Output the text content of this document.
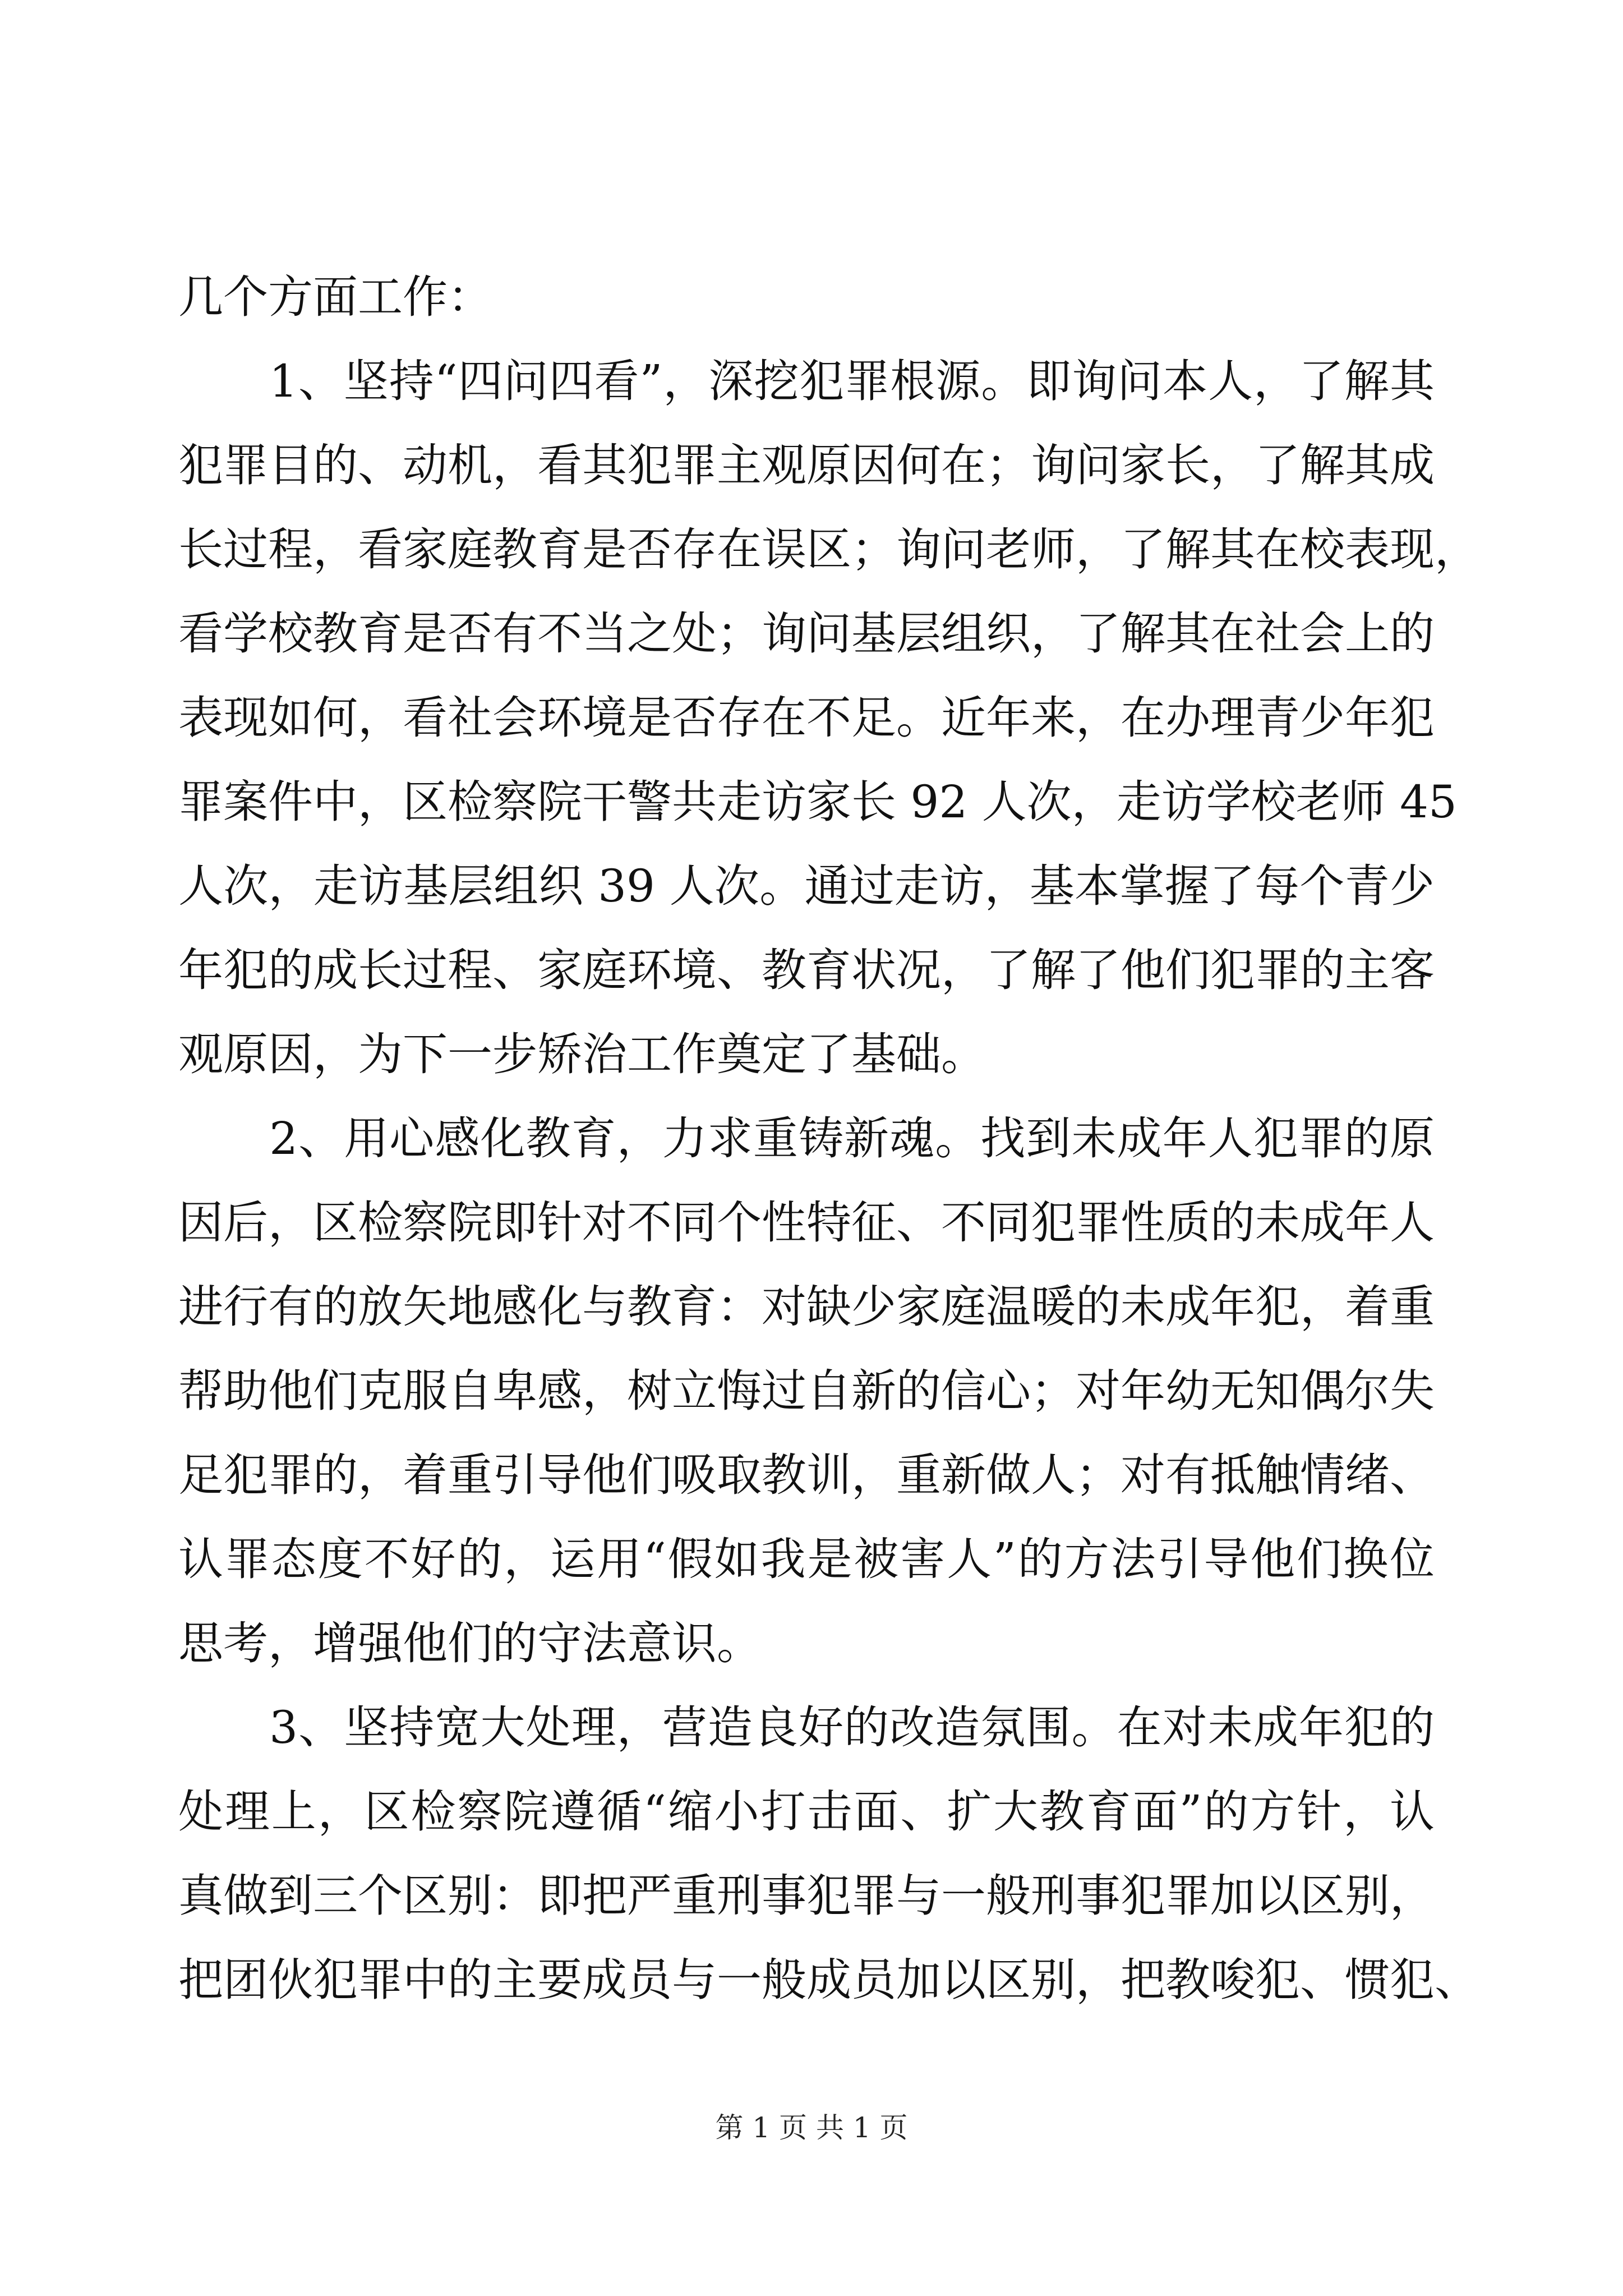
几个方面工作：
　　1、坚持“四问四看”，深挖犯罪根源。即询问本人，了解其
犯罪目的、动机，看其犯罪主观原因何在；询问家长，了解其成
长过程，看家庭教育是否存在误区；询问老师，了解其在校表现，
看学校教育是否有不当之处；询问基层组织，了解其在社会上的
表现如何，看社会环境是否存在不足。近年来，在办理青少年犯
罪案件中，区检察院干警共走访家长 92 人次，走访学校老师 45
人次，走访基层组织 39 人次。通过走访，基本掌握了每个青少
年犯的成长过程、家庭环境、教育状况，了解了他们犯罪的主客
观原因，为下一步矫治工作奠定了基础。
　　2、用心感化教育，力求重铸新魂。找到未成年人犯罪的原
因后，区检察院即针对不同个性特征、不同犯罪性质的未成年人
进行有的放矢地感化与教育：对缺少家庭温暖的未成年犯，着重
帮助他们克服自卑感，树立悔过自新的信心；对年幼无知偶尔失
足犯罪的，着重引导他们吸取教训，重新做人；对有抵触情绪、
认罪态度不好的，运用“假如我是被害人”的方法引导他们换位
思考，增强他们的守法意识。
　　3、坚持宽大处理，营造良好的改造氛围。在对未成年犯的
处理上，区检察院遵循“缩小打击面、扩大教育面”的方针，认
真做到三个区别：即把严重刑事犯罪与一般刑事犯罪加以区别，
把团伙犯罪中的主要成员与一般成员加以区别，把教唆犯、惯犯、
第 1 页 共 1 页
